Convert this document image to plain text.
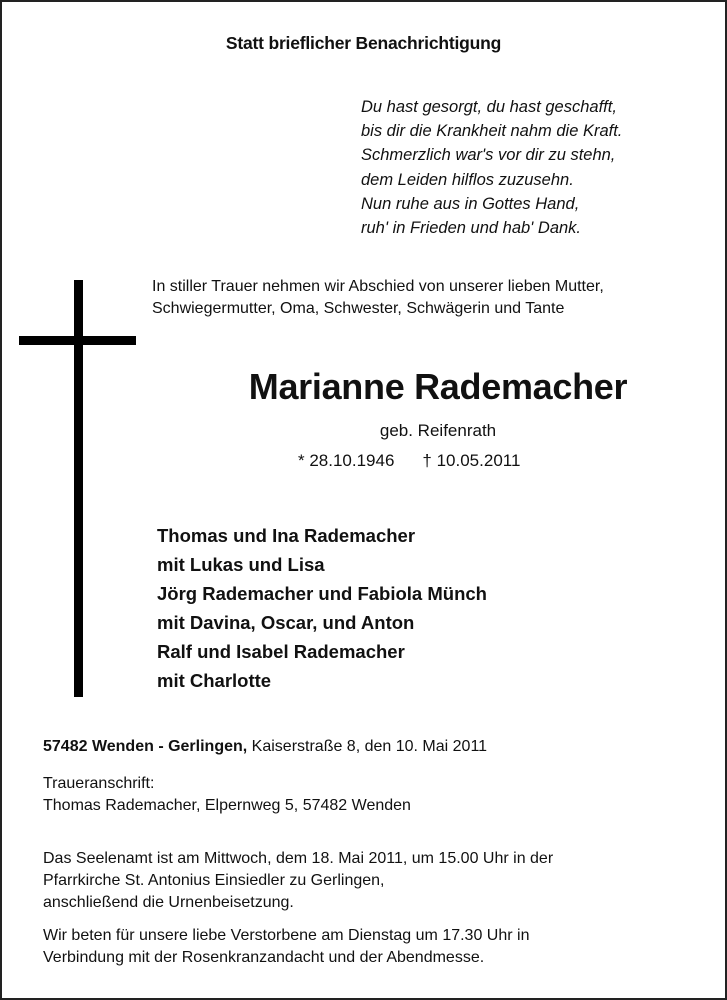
Statt brieflicher Benachrichtigung
Du hast gesorgt, du hast geschafft,
bis dir die Krankheit nahm die Kraft.
Schmerzlich war's vor dir zu stehn,
dem Leiden hilflos zuzusehn.
Nun ruhe aus in Gottes Hand,
ruh' in Frieden und hab' Dank.
In stiller Trauer nehmen wir Abschied von unserer lieben Mutter,
Schwiegermutter, Oma, Schwester, Schwägerin und Tante
Marianne Rademacher
geb. Reifenrath
* 28.10.1946 † 10.05.2011
Thomas und Ina Rademacher
mit Lukas und Lisa
Jörg Rademacher und Fabiola Münch
mit Davina, Oscar, und Anton
Ralf und Isabel Rademacher
mit Charlotte
57482 Wenden - Gerlingen, Kaiserstraße 8, den 10. Mai 2011
Traueranschrift:
Thomas Rademacher, Elpernweg 5, 57482 Wenden
Das Seelenamt ist am Mittwoch, dem 18. Mai 2011, um 15.00 Uhr in der
Pfarrkirche St. Antonius Einsiedler zu Gerlingen,
anschließend die Urnenbeisetzung.
Wir beten für unsere liebe Verstorbene am Dienstag um 17.30 Uhr in
Verbindung mit der Rosenkranzandacht und der Abendmesse.
